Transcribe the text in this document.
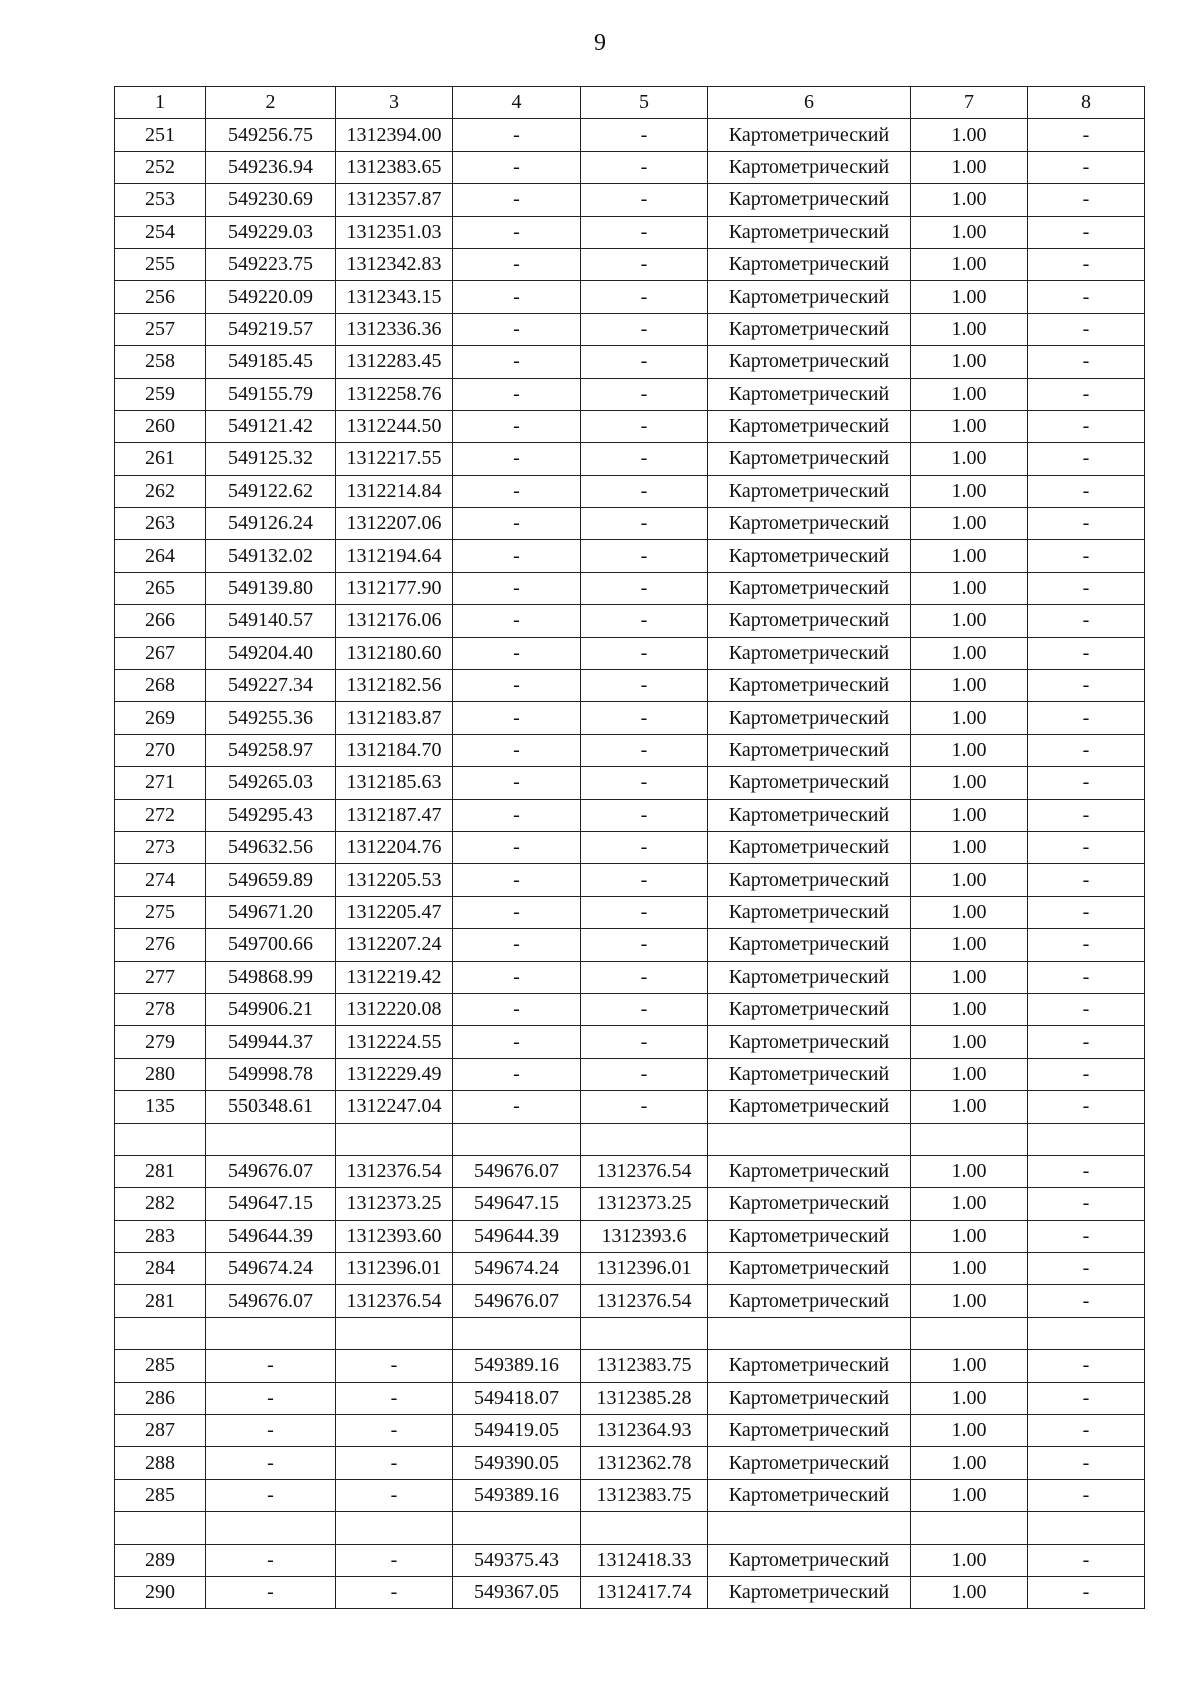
9
1	2	3	4	5	6	7	8
251	549256.75	1312394.00	-	-	Картометрический	1.00	-
252	549236.94	1312383.65	-	-	Картометрический	1.00	-
253	549230.69	1312357.87	-	-	Картометрический	1.00	-
254	549229.03	1312351.03	-	-	Картометрический	1.00	-
255	549223.75	1312342.83	-	-	Картометрический	1.00	-
256	549220.09	1312343.15	-	-	Картометрический	1.00	-
257	549219.57	1312336.36	-	-	Картометрический	1.00	-
258	549185.45	1312283.45	-	-	Картометрический	1.00	-
259	549155.79	1312258.76	-	-	Картометрический	1.00	-
260	549121.42	1312244.50	-	-	Картометрический	1.00	-
261	549125.32	1312217.55	-	-	Картометрический	1.00	-
262	549122.62	1312214.84	-	-	Картометрический	1.00	-
263	549126.24	1312207.06	-	-	Картометрический	1.00	-
264	549132.02	1312194.64	-	-	Картометрический	1.00	-
265	549139.80	1312177.90	-	-	Картометрический	1.00	-
266	549140.57	1312176.06	-	-	Картометрический	1.00	-
267	549204.40	1312180.60	-	-	Картометрический	1.00	-
268	549227.34	1312182.56	-	-	Картометрический	1.00	-
269	549255.36	1312183.87	-	-	Картометрический	1.00	-
270	549258.97	1312184.70	-	-	Картометрический	1.00	-
271	549265.03	1312185.63	-	-	Картометрический	1.00	-
272	549295.43	1312187.47	-	-	Картометрический	1.00	-
273	549632.56	1312204.76	-	-	Картометрический	1.00	-
274	549659.89	1312205.53	-	-	Картометрический	1.00	-
275	549671.20	1312205.47	-	-	Картометрический	1.00	-
276	549700.66	1312207.24	-	-	Картометрический	1.00	-
277	549868.99	1312219.42	-	-	Картометрический	1.00	-
278	549906.21	1312220.08	-	-	Картометрический	1.00	-
279	549944.37	1312224.55	-	-	Картометрический	1.00	-
280	549998.78	1312229.49	-	-	Картометрический	1.00	-
135	550348.61	1312247.04	-	-	Картометрический	1.00	-

281	549676.07	1312376.54	549676.07	1312376.54	Картометрический	1.00	-
282	549647.15	1312373.25	549647.15	1312373.25	Картометрический	1.00	-
283	549644.39	1312393.60	549644.39	1312393.6	Картометрический	1.00	-
284	549674.24	1312396.01	549674.24	1312396.01	Картометрический	1.00	-
281	549676.07	1312376.54	549676.07	1312376.54	Картометрический	1.00	-

285	-	-	549389.16	1312383.75	Картометрический	1.00	-
286	-	-	549418.07	1312385.28	Картометрический	1.00	-
287	-	-	549419.05	1312364.93	Картометрический	1.00	-
288	-	-	549390.05	1312362.78	Картометрический	1.00	-
285	-	-	549389.16	1312383.75	Картометрический	1.00	-

289	-	-	549375.43	1312418.33	Картометрический	1.00	-
290	-	-	549367.05	1312417.74	Картометрический	1.00	-
